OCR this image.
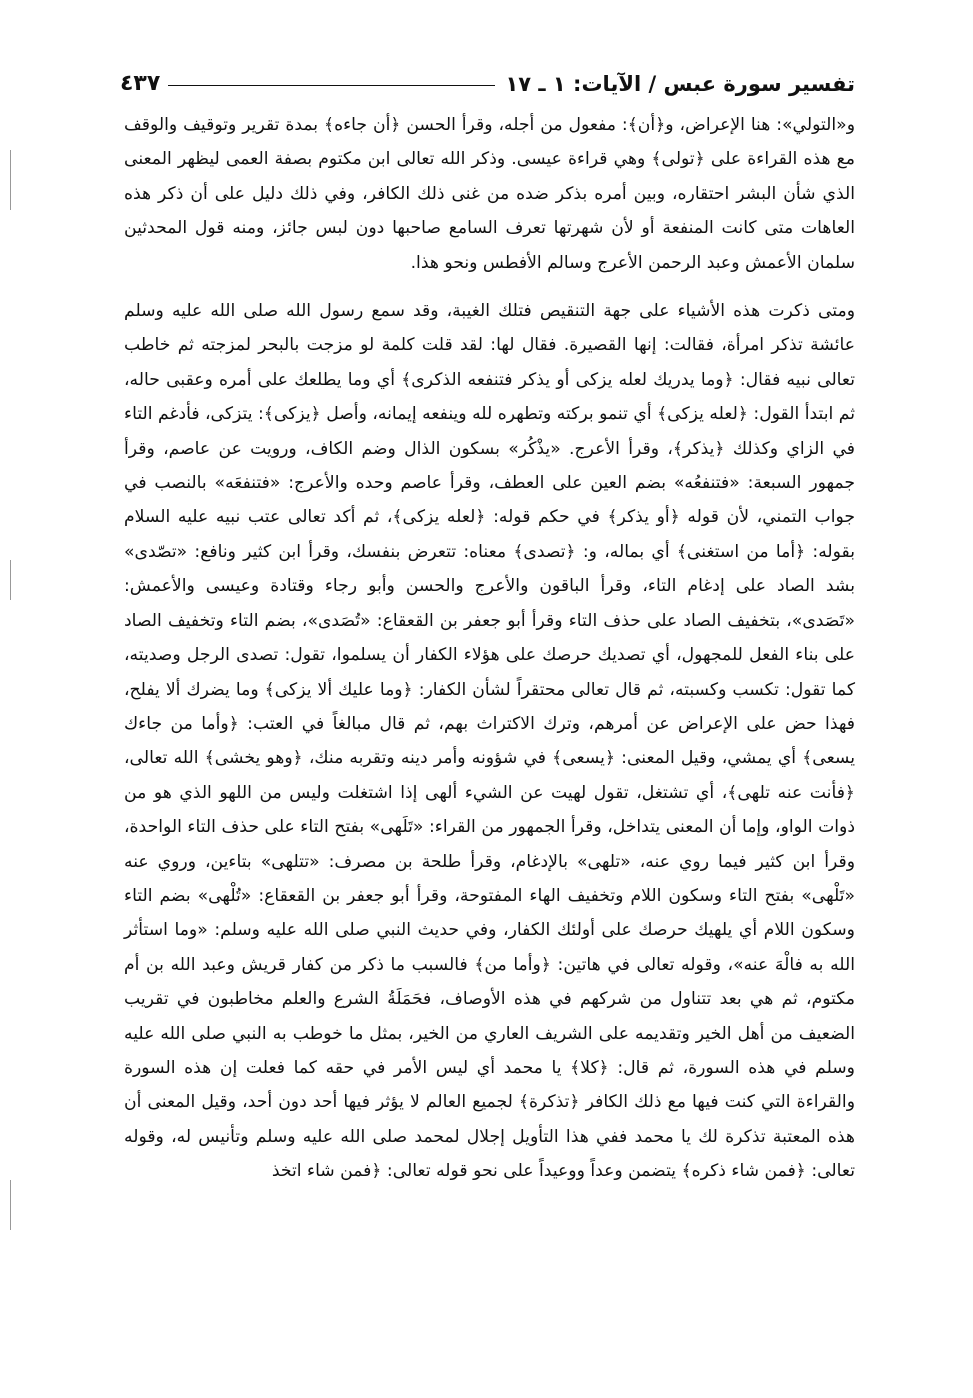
تفسير سورة عبس / الآيات: ١ ـ ١٧
٤٣٧

و«التولي»: هنا الإعراض، و﴿أن﴾: مفعول من أجله، وقرأ الحسن ﴿أن جاءه﴾ بمدة تقرير وتوقيف والوقف مع هذه القراءة على ﴿تولى﴾ وهي قراءة عيسى. وذكر الله تعالى ابن مكتوم بصفة العمى ليظهر المعنى الذي شأن البشر احتقاره، وبين أمره بذكر ضده من غنى ذلك الكافر، وفي ذلك دليل على أن ذكر هذه العاهات متى كانت المنفعة أو لأن شهرتها تعرف السامع صاحبها دون لبس جائز، ومنه قول المحدثين سلمان الأعمش وعبد الرحمن الأعرج وسالم الأفطس ونحو هذا.

ومتى ذكرت هذه الأشياء على جهة التنقيص فتلك الغيبة، وقد سمع رسول الله صلى الله عليه وسلم عائشة تذكر امرأة، فقالت: إنها القصيرة. فقال لها: لقد قلت كلمة لو مزجت بالبحر لمزجته ثم خاطب تعالى نبيه فقال: ﴿وما يدريك لعله يزكى أو يذكر فتنفعه الذكرى﴾ أي وما يطلعك على أمره وعقبى حاله، ثم ابتدأ القول: ﴿لعله يزكى﴾ أي تنمو بركته وتطهره لله وينفعه إيمانه، وأصل ﴿يزكى﴾: يتزكى، فأدغم التاء في الزاي وكذلك ﴿يذكر﴾، وقرأ الأعرج. «يذْكُر» بسكون الذال وضم الكاف، ورويت عن عاصم، وقرأ جمهور السبعة: «فتنفعُه» بضم العين على العطف، وقرأ عاصم وحده والأعرج: «فتنفعَه» بالنصب في جواب التمني، لأن قوله ﴿أو يذكر﴾ في حكم قوله: ﴿لعله يزكى﴾، ثم أكد تعالى عتب نبيه عليه السلام بقوله: ﴿أما من استغنى﴾ أي بماله، و: ﴿تصدى﴾ معناه: تتعرض بنفسك، وقرأ ابن كثير ونافع: «تصّدى» بشد الصاد على إدغام التاء، وقرأ الباقون والأعرج والحسن وأبو رجاء وقتادة وعيسى والأعمش: «تَصَدى»، بتخفيف الصاد على حذف التاء وقرأ أبو جعفر بن القعقاع: «تُصَدى»، بضم التاء وتخفيف الصاد على بناء الفعل للمجهول، أي تصديك حرصك على هؤلاء الكفار أن يسلموا، تقول: تصدى الرجل وصديته، كما تقول: تكسب وكسبته، ثم قال تعالى محتقراً لشأن الكفار: ﴿وما عليك ألا يزكى﴾ وما يضرك ألا يفلح، فهذا حض على الإعراض عن أمرهم، وترك الاكتراث بهم، ثم قال مبالغاً في العتب: ﴿وأما من جاءك يسعى﴾ أي يمشي، وقيل المعنى: ﴿يسعى﴾ في شؤونه وأمر دينه وتقربه منك، ﴿وهو يخشى﴾ الله تعالى، ﴿فأنت عنه تلهى﴾، أي تشتغل، تقول لهيت عن الشيء ألهى إذا اشتغلت وليس من اللهو الذي هو من ذوات الواو، وإما أن المعنى يتداخل، وقرأ الجمهور من القراء: «تَلَهى» بفتح التاء على حذف التاء الواحدة، وقرأ ابن كثير فيما روي عنه، «تلهى» بالإدغام، وقرأ طلحة بن مصرف: «تتلهى» بتاءين، وروي عنه «تَلْهى» بفتح التاء وسكون اللام وتخفيف الهاء المفتوحة، وقرأ أبو جعفر بن القعقاع: «تُلْهى» بضم التاء وسكون اللام أي يلهيك حرصك على أولئك الكفار، وفي حديث النبي صلى الله عليه وسلم: «وما استأثر الله به فالْهَ عنه»، وقوله تعالى في هاتين: ﴿وأما من﴾ فالسبب ما ذكر من كفار قريش وعبد الله بن أم مكتوم، ثم هي بعد تتناول من شركهم في هذه الأوصاف، فحَمَلَةُ الشرع والعلم مخاطبون في تقريب الضعيف من أهل الخير وتقديمه على الشريف العاري من الخير، بمثل ما خوطب به النبي صلى الله عليه وسلم في هذه السورة، ثم قال: ﴿كلا﴾ يا محمد أي ليس الأمر في حقه كما فعلت إن هذه السورة والقراءة التي كنت فيها مع ذلك الكافر ﴿تذكرة﴾ لجميع العالم لا يؤثر فيها أحد دون أحد، وقيل المعنى أن هذه المعتبة تذكرة لك يا محمد ففي هذا التأويل إجلال لمحمد صلى الله عليه وسلم وتأنيس له، وقوله تعالى: ﴿فمن شاء ذكره﴾ يتضمن وعداً ووعيداً على نحو قوله تعالى: ﴿فمن شاء اتخذ
